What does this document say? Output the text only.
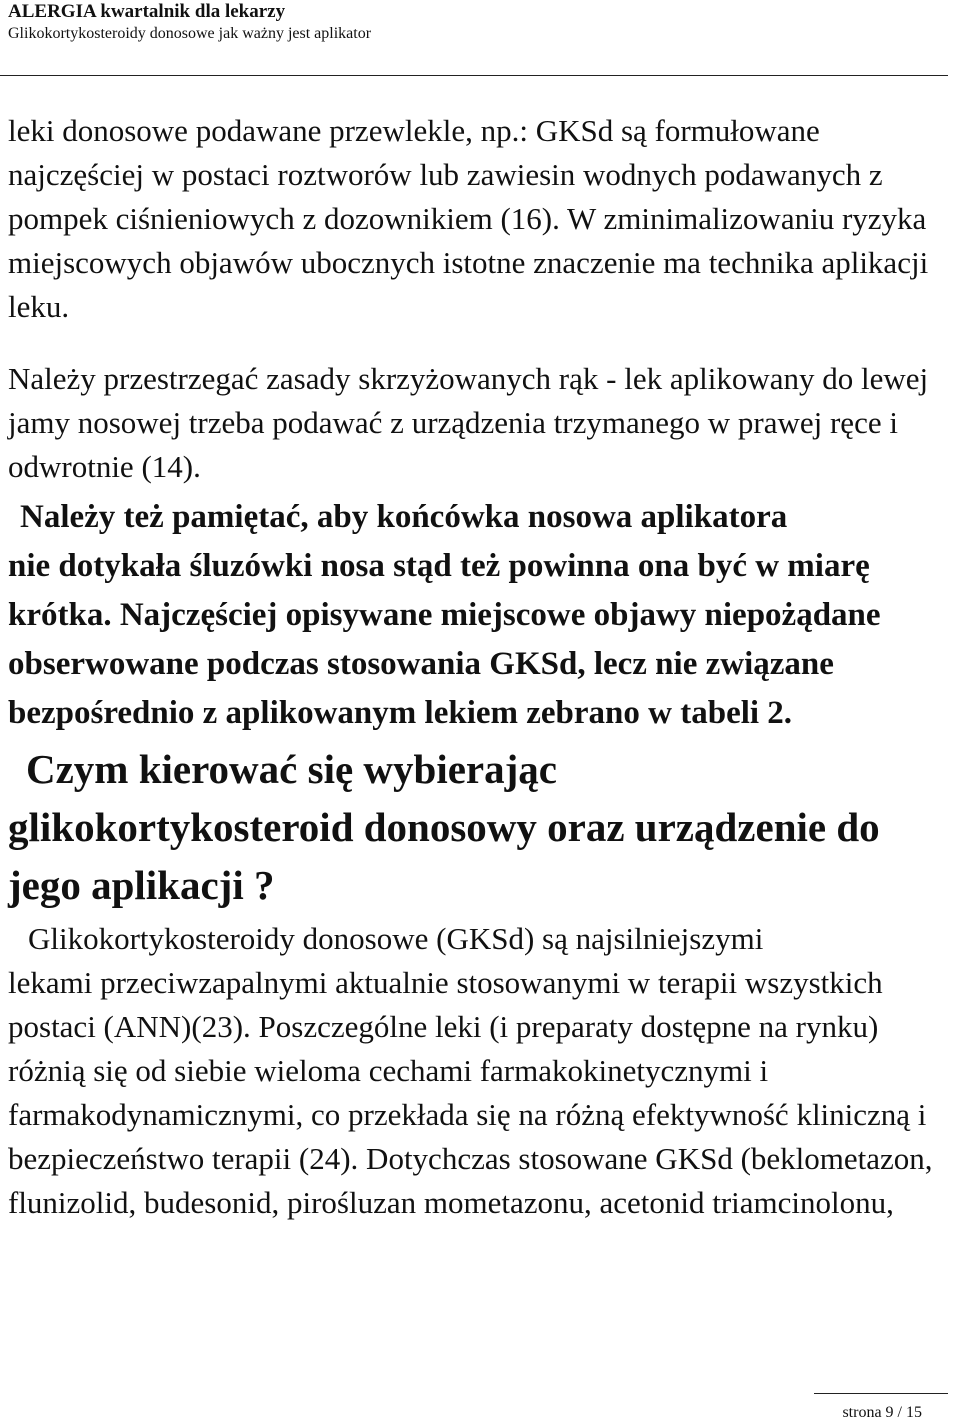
ALERGIA kwartalnik dla lekarzy

Glikokortykosteroidy donosowe jak ważny jest aplikator

leki donosowe podawane przewlekle, np.: GKSd są formułowane najczęściej w postaci roztworów lub zawiesin wodnych podawanych z pompek ciśnieniowych z dozownikiem (16). W zminimalizowaniu ryzyka miejscowych objawów ubocznych istotne znaczenie ma technika aplikacji leku.

Należy przestrzegać zasady skrzyżowanych rąk - lek aplikowany do lewej jamy nosowej trzeba podawać z urządzenia trzymanego w prawej ręce i odwrotnie (14).

Należy też pamiętać, aby końcówka nosowa aplikatora
nie dotykała śluzówki nosa stąd też powinna ona być w miarę krótka. Najczęściej opisywane miejscowe objawy niepożądane obserwowane podczas stosowania GKSd, lecz nie związane bezpośrednio z aplikowanym lekiem zebrano w tabeli 2.

Czym kierować się wybierając
glikokortykosteroid donosowy oraz urządzenie do jego aplikacji ?

Glikokortykosteroidy donosowe (GKSd) są najsilniejszymi
lekami przeciwzapalnymi aktualnie stosowanymi w terapii wszystkich postaci (ANN)(23). Poszczególne leki (i preparaty dostępne na rynku) różnią się od siebie wieloma cechami farmakokinetycznymi i farmakodynamicznymi, co przekłada się na różną efektywność kliniczną i bezpieczeństwo terapii (24). Dotychczas stosowane GKSd (beklometazon, flunizolid, budesonid, pirośluzan mometazonu, acetonid triamcinolonu,

strona 9 / 15
